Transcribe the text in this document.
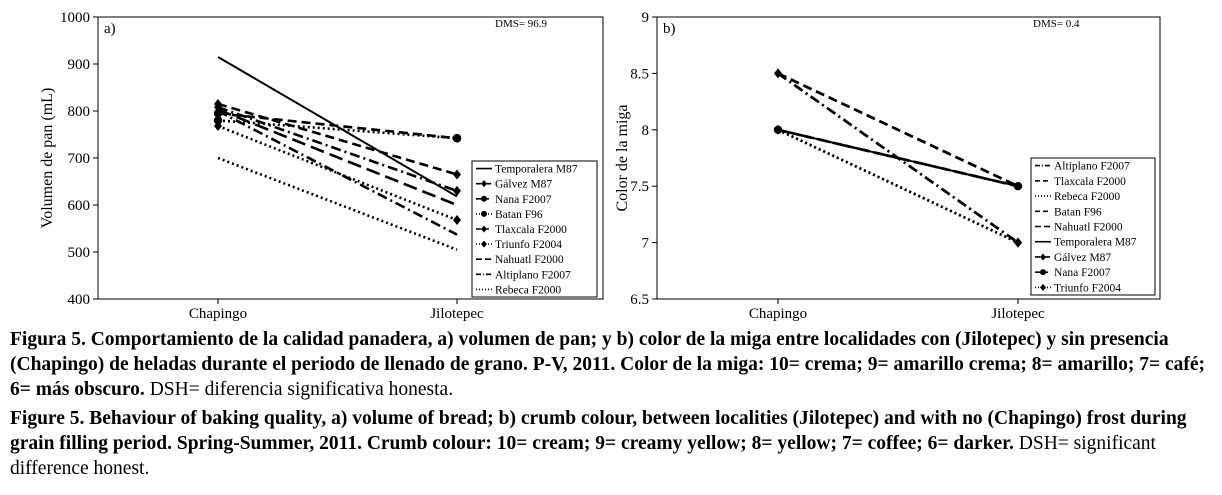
400
500
600
700
800
900
1000
Chapingo	Jilotepec
Volumen de pan (mL)
a)	DMS= 96.9
Temporalera M87
Gálvez M87
Nana F2007
Batan F96
Tlaxcala F2000
Triunfo F2004
Nahuatl F2000
Altiplano F2007
Rebeca F2000
6.5
7
7.5
8
8.5
9
Chapingo	Jilotepec
Color de la miga
b)	DMS= 0.4
Altiplano F2007
Tlaxcala F2000
Rebeca F2000
Batan F96
Nahuatl F2000
Temporalera M87
Gálvez M87
Nana F2007
Triunfo F2004
Figura 5. Comportamiento de la calidad panadera, a) volumen de pan; y b) color de la miga entre localidades con (Jilotepec) y sin presencia (Chapingo) de heladas durante el periodo de llenado de grano. P-V, 2011. Color de la miga: 10= crema; 9= amarillo crema; 8= amarillo; 7= café; 6= más obscuro. DSH= diferencia significativa honesta.
Figure 5. Behaviour of baking quality, a) volume of bread; b) crumb colour, between localities (Jilotepec) and with no (Chapingo) frost during grain filling period. Spring-Summer, 2011. Crumb colour: 10= cream; 9= creamy yellow; 8= yellow; 7= coffee; 6= darker. DSH= significant difference honest.
